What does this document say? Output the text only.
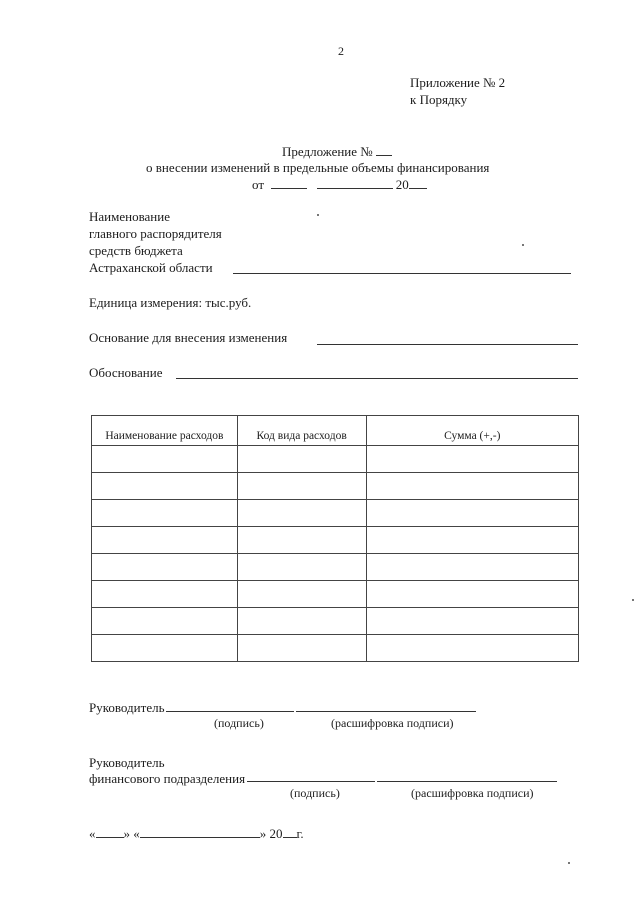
2
Приложение № 2
к Порядку
Предложение №
о внесении изменений в предельные объемы финансирования
от	20
Наименование
главного распорядителя
средств бюджета
Астраханской области
Единица измерения: тыс.руб.
Основание для внесения изменения
Обоснование
Наименование расходов	Код вида расходов	Сумма (+,-)

Руководитель
(подпись)	(расшифровка подписи)
Руководитель
финансового подразделения
(подпись)	(расшифровка подписи)
« » «	» 20 г.
